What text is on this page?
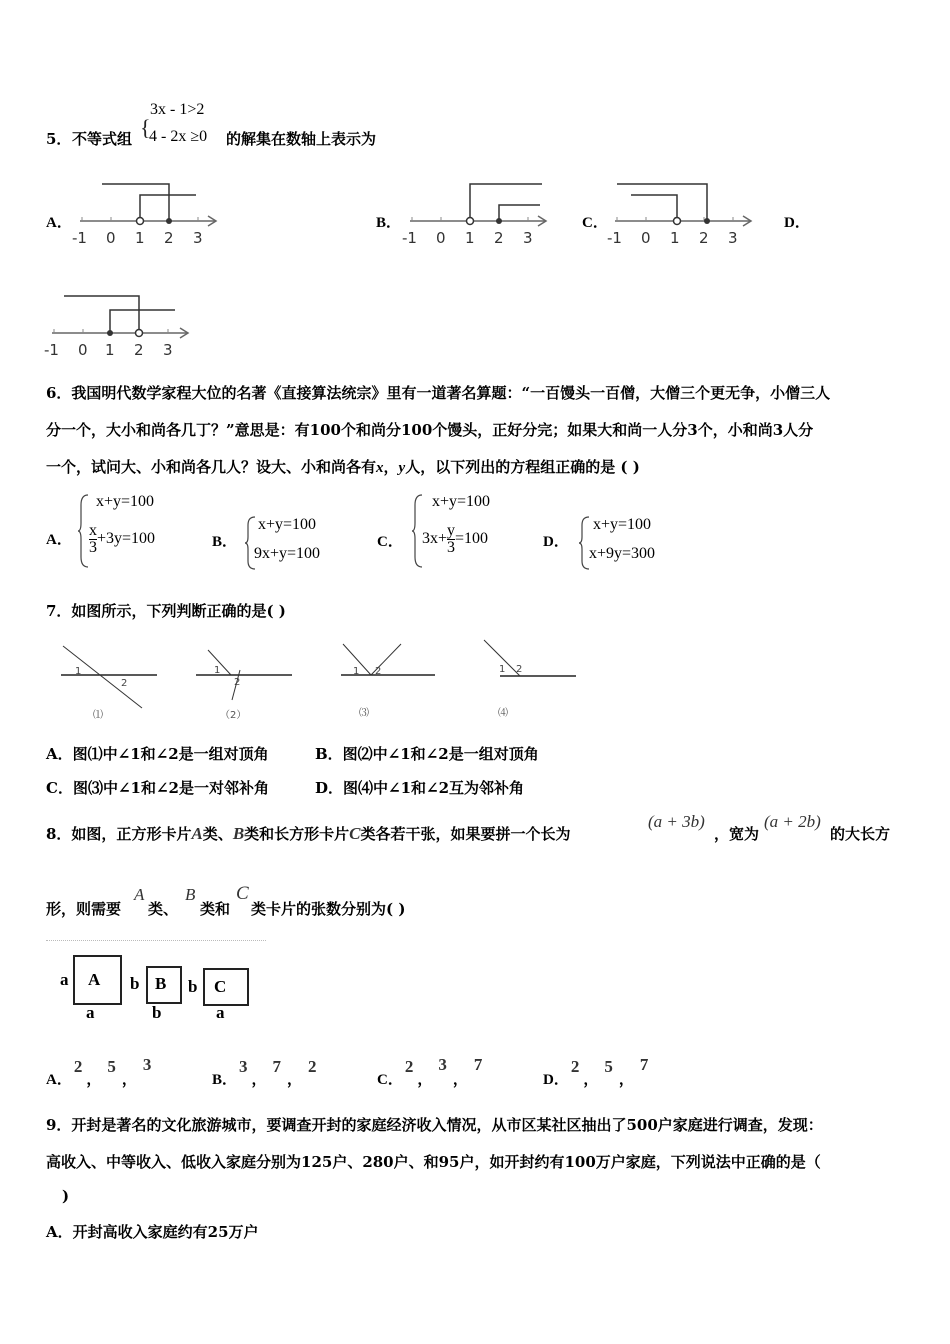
3x - 1>2
{
4 - 2x ≥0
5． 不等式组	的解集在数轴上表示为
A．
-1 0 1 2 3
B．
-1 0 1 2 3
C．
-1 0 1 2 3
D．
-1 0 1 2 3
6．我国明代数学家程大位的名著《直接算法统宗》里有一道著名算题：“一百馒头一百僧，大僧三个更无争，小僧三人
分一个，大小和尚各几丁？”意思是：有100个和尚分100个馒头，正好分完；如果大和尚一人分3个，小和尚3人分
一个，试问大、小和尚各几人？设大、小和尚各有x，y人，以下列出的方程组正确的是 ( )
A．
x+y=100
$\frac{x}{3} +3y=100$	B．
x+y=100
9x+y=100
C．
x+y=100
$3x+ \frac{y}{3} =100$	D．
x+y=100
x+9y=300
7．如图所示，下列判断正确的是( )
1
2
⑴
1
2
（2）
1 2
⑶
1 2
⑷
A．图⑴中∠1和∠2是一组对顶角	B．图⑵中∠1和∠2是一组对顶角
C．图⑶中∠1和∠2是一对邻补角	D．图⑷中∠1和∠2互为邻补角
8．如图，正方形卡片A类、B类和长方形卡片C类各若干张，如果要拼一个长为
(a + 3b)
，宽为
(a + 2b)
的大长方
形，则需要
A
类、
B
类和
C
类卡片的张数分别为( )
a A
a
b B
b
b C
a
A．2，5，3
B．3，7，2
C．2，3，7
D．2，5，7
9．开封是著名的文化旅游城市，要调查开封的家庭经济收入情况，从市区某社区抽出了500户家庭进行调查，发现：
高收入、中等收入、低收入家庭分别为125户、280户、和95户，如开封约有100万户家庭，下列说法中正确的是（
)
A．开封高收入家庭约有25万户
